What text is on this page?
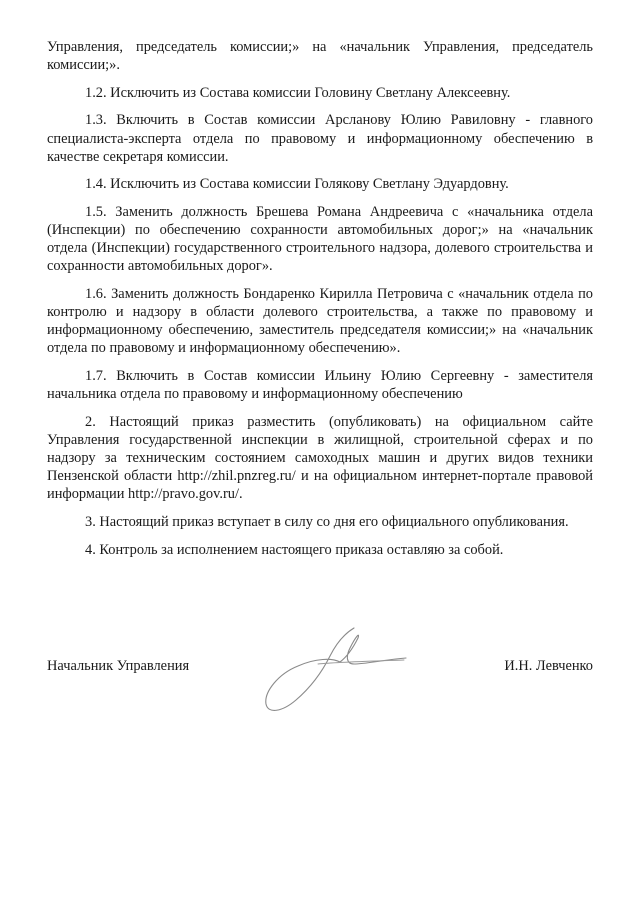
Управления, председатель комиссии;» на «начальник Управления, председатель комиссии;».

1.2. Исключить из Состава комиссии Головину Светлану Алексеевну.

1.3. Включить в Состав комиссии Арсланову Юлию Равиловну - главного специалиста-эксперта отдела по правовому и информационному обеспечению в качестве секретаря комиссии.

1.4. Исключить из Состава комиссии Голякову Светлану Эдуардовну.

1.5. Заменить должность Брешева Романа Андреевича с «начальника отдела (Инспекции) по обеспечению сохранности автомобильных дорог;» на «начальник отдела (Инспекции) государственного строительного надзора, долевого строительства и сохранности автомобильных дорог».

1.6. Заменить должность Бондаренко Кирилла Петровича с «начальник отдела по контролю и надзору в области долевого строительства, а также по правовому и информационному обеспечению, заместитель председателя комиссии;» на «начальник отдела по правовому и информационному обеспечению».

1.7. Включить в Состав комиссии Ильину Юлию Сергеевну - заместителя начальника отдела по правовому и информационному обеспечению

2. Настоящий приказ разместить (опубликовать) на официальном сайте Управления государственной инспекции в жилищной, строительной сферах и по надзору за техническим состоянием самоходных машин и других видов техники Пензенской области http://zhil.pnzreg.ru/ и на официальном интернет-портале правовой информации http://pravo.gov.ru/.

3. Настоящий приказ вступает в силу со дня его официального опубликования.

4. Контроль за исполнением настоящего приказа оставляю за собой.

Начальник Управления	И.Н. Левченко
